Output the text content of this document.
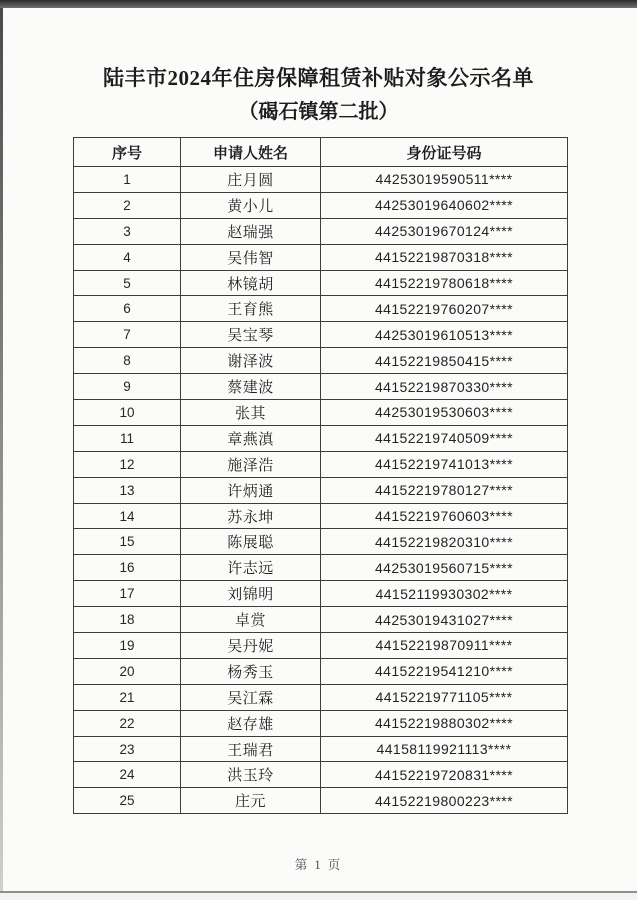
陆丰市2024年住房保障租赁补贴对象公示名单
（碣石镇第二批）
序号	申请人姓名	身份证号码
1	庄月圆	44253019590511****
2	黄小儿	44253019640602****
3	赵瑞强	44253019670124****
4	吴伟智	44152219870318****
5	林镜胡	44152219780618****
6	王育熊	44152219760207****
7	吴宝琴	44253019610513****
8	谢泽波	44152219850415****
9	蔡建波	44152219870330****
10	张其	44253019530603****
11	章燕滇	44152219740509****
12	施泽浩	44152219741013****
13	许炳通	44152219780127****
14	苏永坤	44152219760603****
15	陈展聪	44152219820310****
16	许志远	44253019560715****
17	刘锦明	44152119930302****
18	卓赏	44253019431027****
19	吴丹妮	44152219870911****
20	杨秀玉	44152219541210****
21	吴江霖	44152219771105****
22	赵存雄	44152219880302****
23	王瑞君	44158119921113****
24	洪玉玲	44152219720831****
25	庄元	44152219800223****
第 1 页
